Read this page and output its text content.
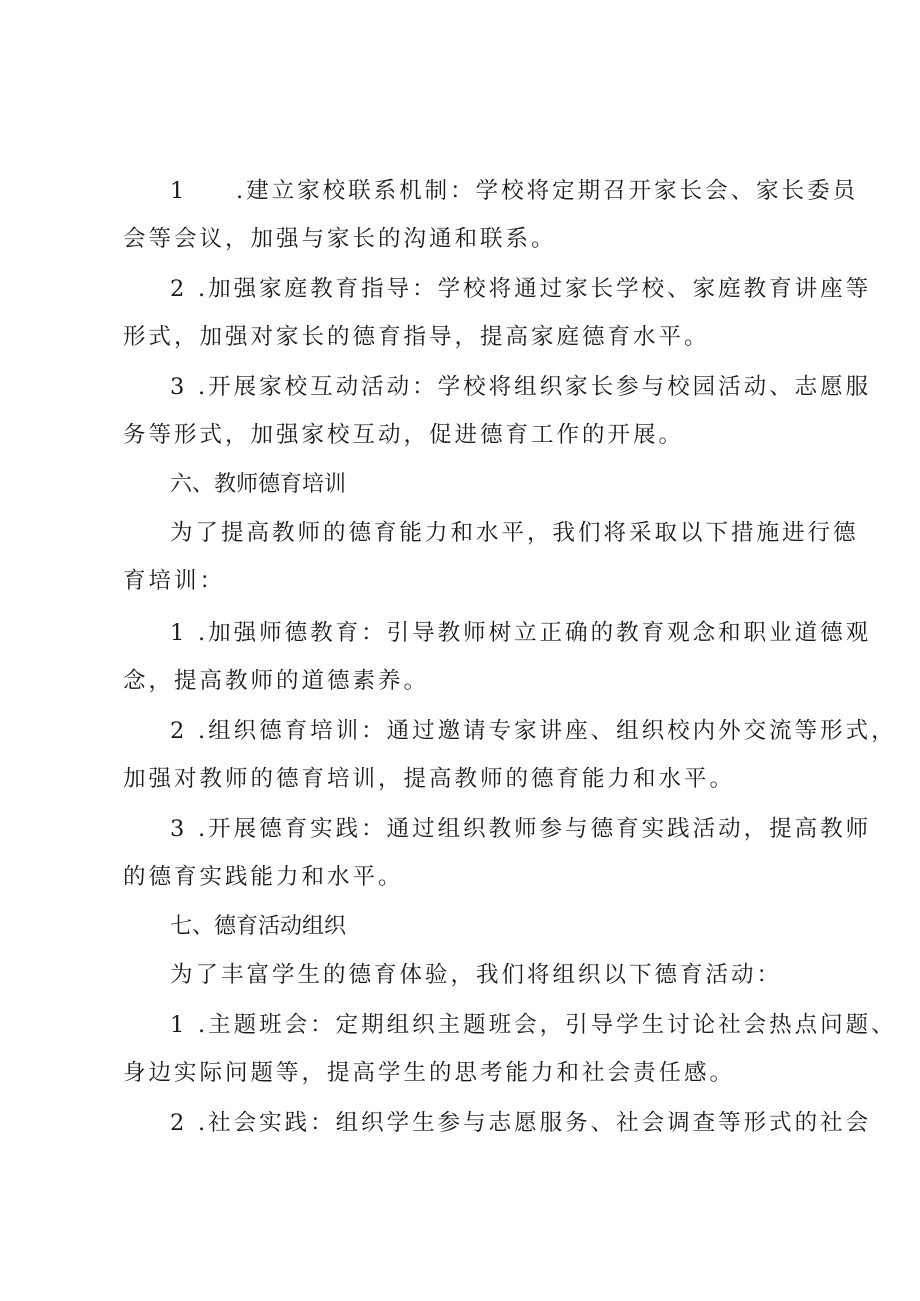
1 .建立家校联系机制：学校将定期召开家长会、家长委员
会等会议，加强与家长的沟通和联系。
2 .加强家庭教育指导：学校将通过家长学校、家庭教育讲座等
形式，加强对家长的德育指导，提高家庭德育水平。
3 .开展家校互动活动：学校将组织家长参与校园活动、志愿服
务等形式，加强家校互动，促进德育工作的开展。
六、教师德育培训
为了提高教师的德育能力和水平，我们将采取以下措施进行德
育培训：
1 .加强师德教育：引导教师树立正确的教育观念和职业道德观
念，提高教师的道德素养。
2 .组织德育培训：通过邀请专家讲座、组织校内外交流等形式，
加强对教师的德育培训，提高教师的德育能力和水平。
3 .开展德育实践：通过组织教师参与德育实践活动，提高教师
的德育实践能力和水平。
七、德育活动组织
为了丰富学生的德育体验，我们将组织以下德育活动：
1 .主题班会：定期组织主题班会，引导学生讨论社会热点问题、
身边实际问题等，提高学生的思考能力和社会责任感。
2 .社会实践：组织学生参与志愿服务、社会调查等形式的社会
